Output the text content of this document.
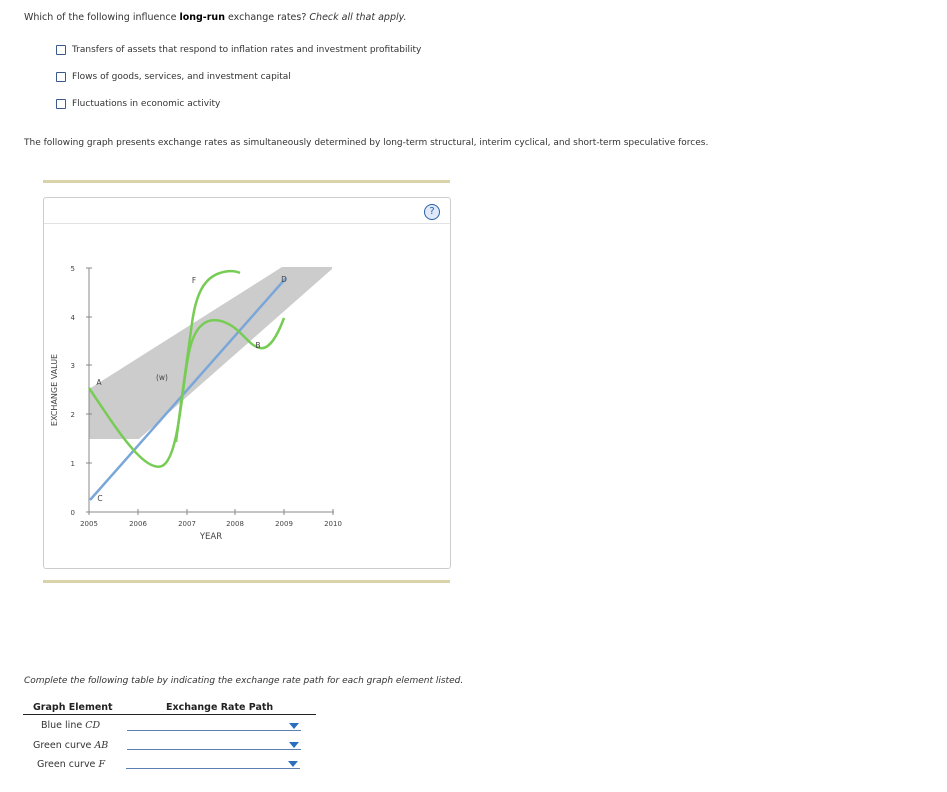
Which of the following influence long-run exchange rates? Check all that apply.
Transfers of assets that respond to inflation rates and investment profitability
Flows of goods, services, and investment capital
Fluctuations in economic activity
The following graph presents exchange rates as simultaneously determined by long-term structural, interim cyclical, and short-term speculative forces.
?
0
1
2
3
4
5
2005	2006	2007	2008	2009	2010
A
B
C
D
F
(w)
YEAR
EXCHANGE VALUE
Complete the following table by indicating the exchange rate path for each graph element listed.
Graph Element	Exchange Rate Path
Blue line CD
Green curve AB
Green curve F
